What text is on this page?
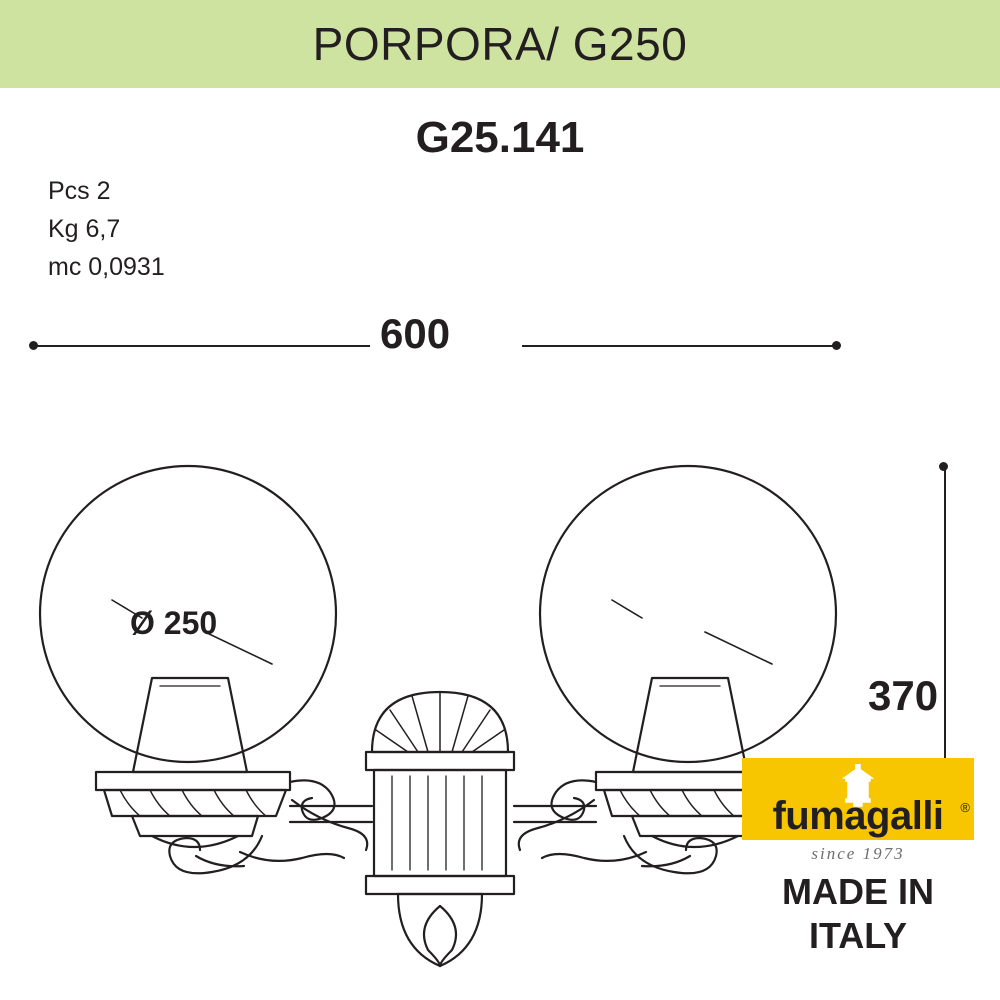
PORPORA/ G250
G25.141
Pcs 2
Kg 6,7
mc 0,0931
600
370
Ø 250
fumagalli	®
since 1973
MADE IN
ITALY
